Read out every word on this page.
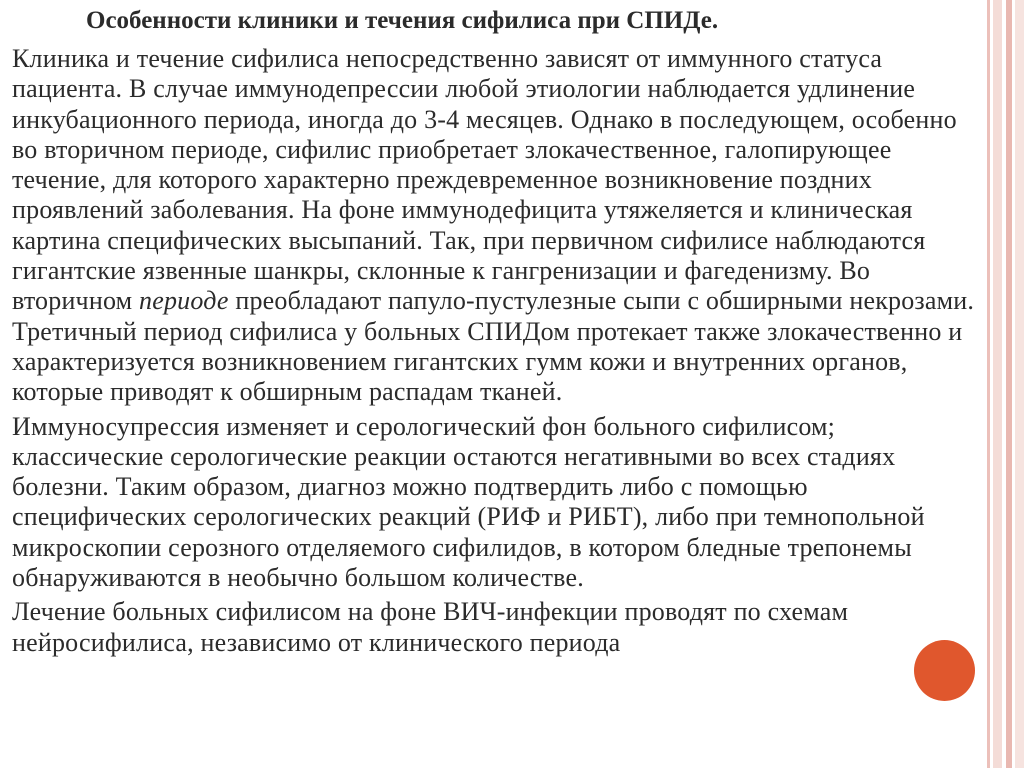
Особенности клиники и течения сифилиса при СПИДе.

Клиника и течение сифилиса непосредственно зависят от иммунного статуса пациента. В случае иммунодепрессии любой этиологии наблюдается удлинение инкубационного периода, иногда до 3-4 месяцев. Однако в последующем, особенно во вторичном периоде, сифилис приобретает злокачественное, галопирующее течение, для которого характерно преждевременное возникновение поздних проявлений заболевания. На фоне иммунодефицита утяжеляется и клиническая картина специфических высыпаний. Так, при первичном сифилисе наблюдаются гигантские язвенные шанкры, склонные к гангренизации и фагеденизму. Во вторичном периоде преобладают папуло-пустулезные сыпи с обширными некрозами. Третичный период сифилиса у больных СПИДом протекает также злокачественно и характеризуется возникновением гигантских гумм кожи и внутренних органов, которые приводят к обширным распадам тканей.

Иммуносупрессия изменяет и серологический фон больного сифилисом; классические серологические реакции остаются негативными во всех стадиях болезни. Таким образом, диагноз можно подтвердить либо с помощью специфических серологических реакций (РИФ и РИБТ), либо при темнопольной микроскопии серозного отделяемого сифилидов, в котором бледные трепонемы обнаруживаются в необычно большом количестве.

Лечение больных сифилисом на фоне ВИЧ-инфекции проводят по схемам нейросифилиса, независимо от клинического периода
